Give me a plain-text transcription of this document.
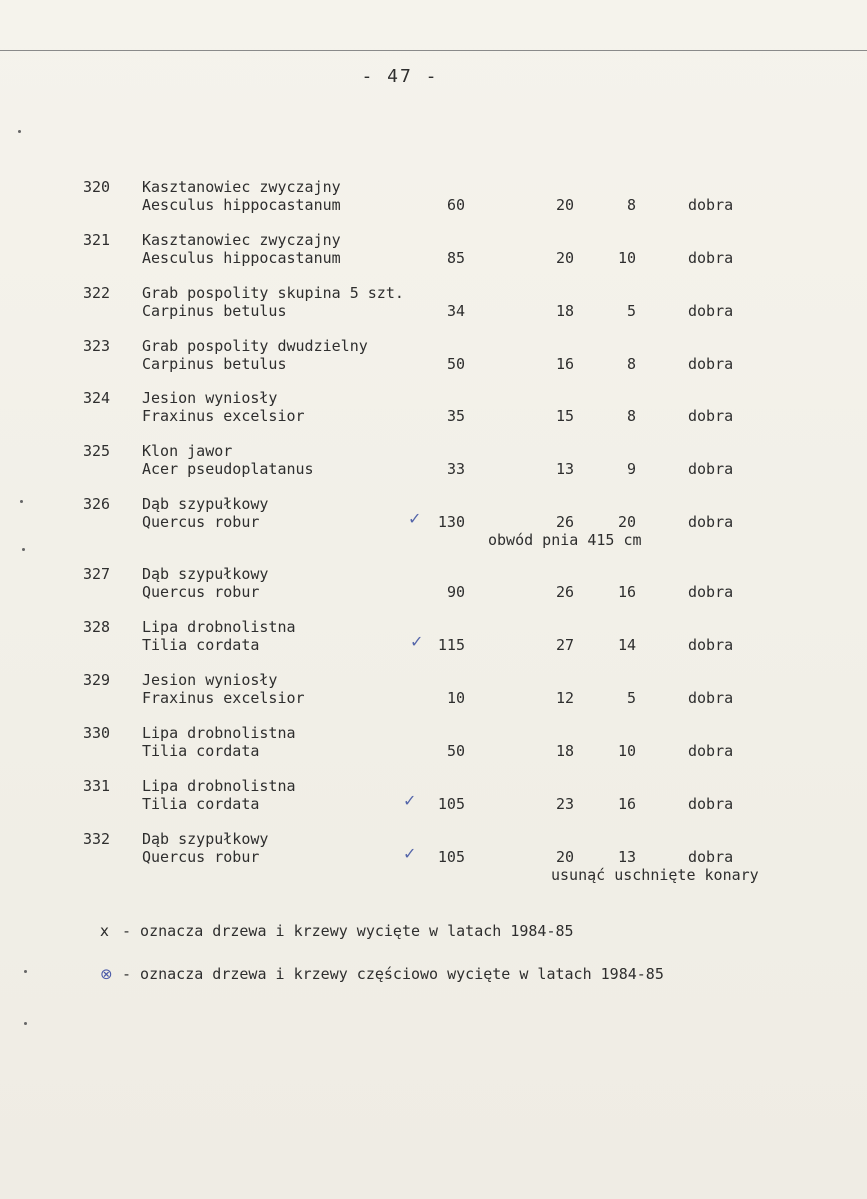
- 47 -
320 Kasztanowiec zwyczajny
Aesculus hippocastanum	60	20	8	dobra
321 Kasztanowiec zwyczajny
Aesculus hippocastanum	85	20	10	dobra
322 Grab pospolity skupina 5 szt.
Carpinus betulus	34	18	5	dobra
323 Grab pospolity dwudzielny
Carpinus betulus	50	16	8	dobra
324 Jesion wyniosły
Fraxinus excelsior	35	15	8	dobra
325 Klon jawor
Acer pseudoplatanus	33	13	9	dobra
326 Dąb szypułkowy
Quercus robur	✓	130	26	20	dobra
obwód pnia 415 cm
327 Dąb szypułkowy
Quercus robur	90	26	16	dobra
328 Lipa drobnolistna
Tilia cordata	✓ 115	27	14	dobra
329 Jesion wyniosły
Fraxinus excelsior	10	12	5	dobra
330 Lipa drobnolistna
Tilia cordata	50	18	10	dobra
331 Lipa drobnolistna
Tilia cordata	✓	105	23	16	dobra
332 Dąb szypułkowy
Quercus robur	✓	105	20	13	dobra
usunąć uschnięte konary
x - oznacza drzewa i krzewy wycięte w latach 1984-85
⊗ - oznacza drzewa i krzewy częściowo wycięte w latach 1984-85
